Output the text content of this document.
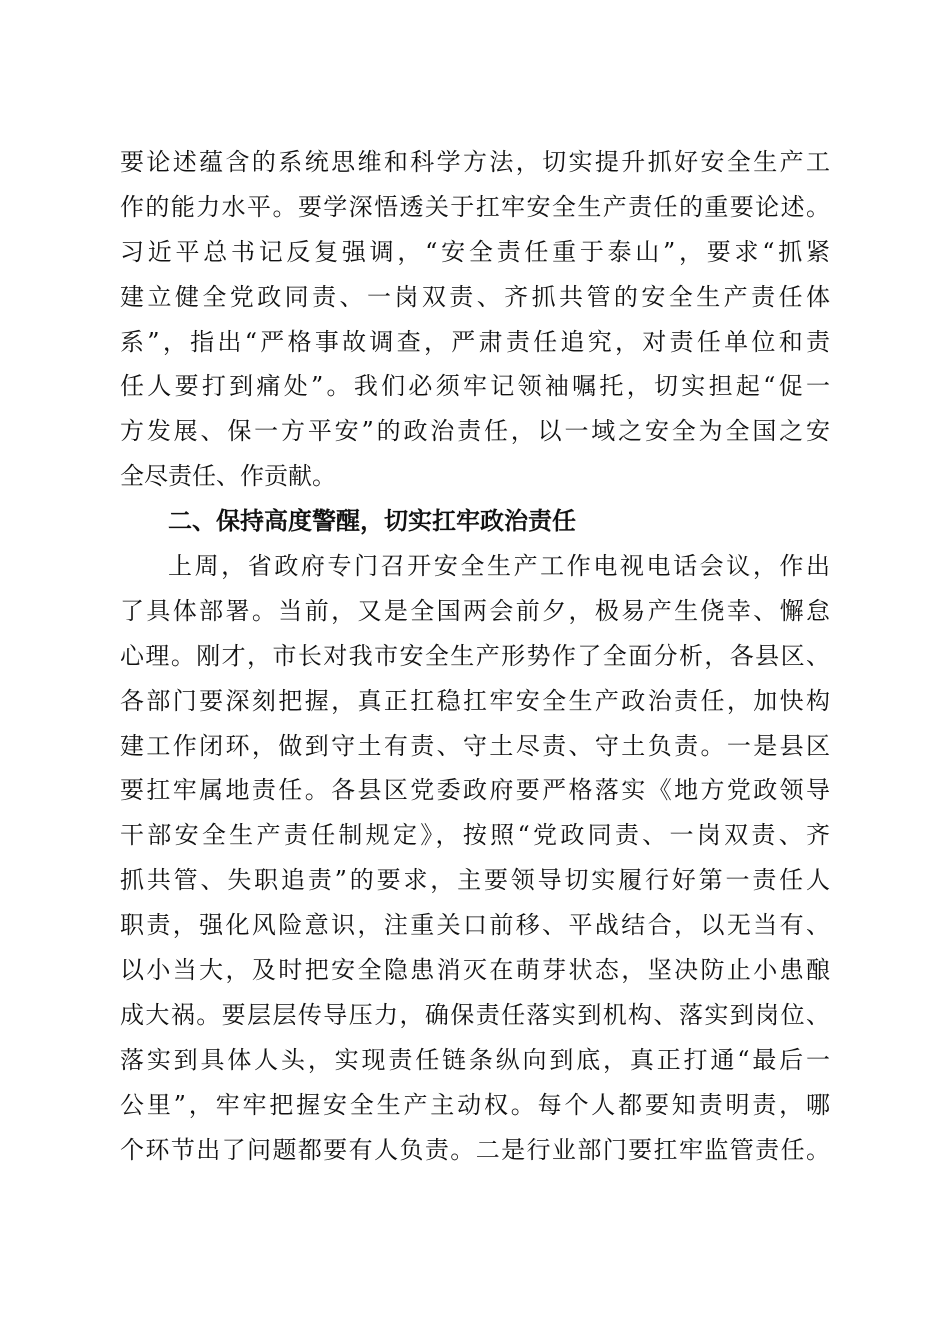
要论述蕴含的系统思维和科学方法，切实提升抓好安全生产工
作的能力水平。要学深悟透关于扛牢安全生产责任的重要论述。
习近平总书记反复强调，“安全责任重于泰山”，要求“抓紧
建立健全党政同责、一岗双责、齐抓共管的安全生产责任体
系”，指出“严格事故调查，严肃责任追究，对责任单位和责
任人要打到痛处”。我们必须牢记领袖嘱托，切实担起“促一
方发展、保一方平安”的政治责任，以一域之安全为全国之安
全尽责任、作贡献。
二、保持高度警醒，切实扛牢政治责任
上周，省政府专门召开安全生产工作电视电话会议，作出
了具体部署。当前，又是全国两会前夕，极易产生侥幸、懈怠
心理。刚才，市长对我市安全生产形势作了全面分析，各县区、
各部门要深刻把握，真正扛稳扛牢安全生产政治责任，加快构
建工作闭环，做到守土有责、守土尽责、守土负责。一是县区
要扛牢属地责任。各县区党委政府要严格落实《地方党政领导
干部安全生产责任制规定》，按照“党政同责、一岗双责、齐
抓共管、失职追责”的要求，主要领导切实履行好第一责任人
职责，强化风险意识，注重关口前移、平战结合，以无当有、
以小当大，及时把安全隐患消灭在萌芽状态，坚决防止小患酿
成大祸。要层层传导压力，确保责任落实到机构、落实到岗位、
落实到具体人头，实现责任链条纵向到底，真正打通“最后一
公里”，牢牢把握安全生产主动权。每个人都要知责明责，哪
个环节出了问题都要有人负责。二是行业部门要扛牢监管责任。
